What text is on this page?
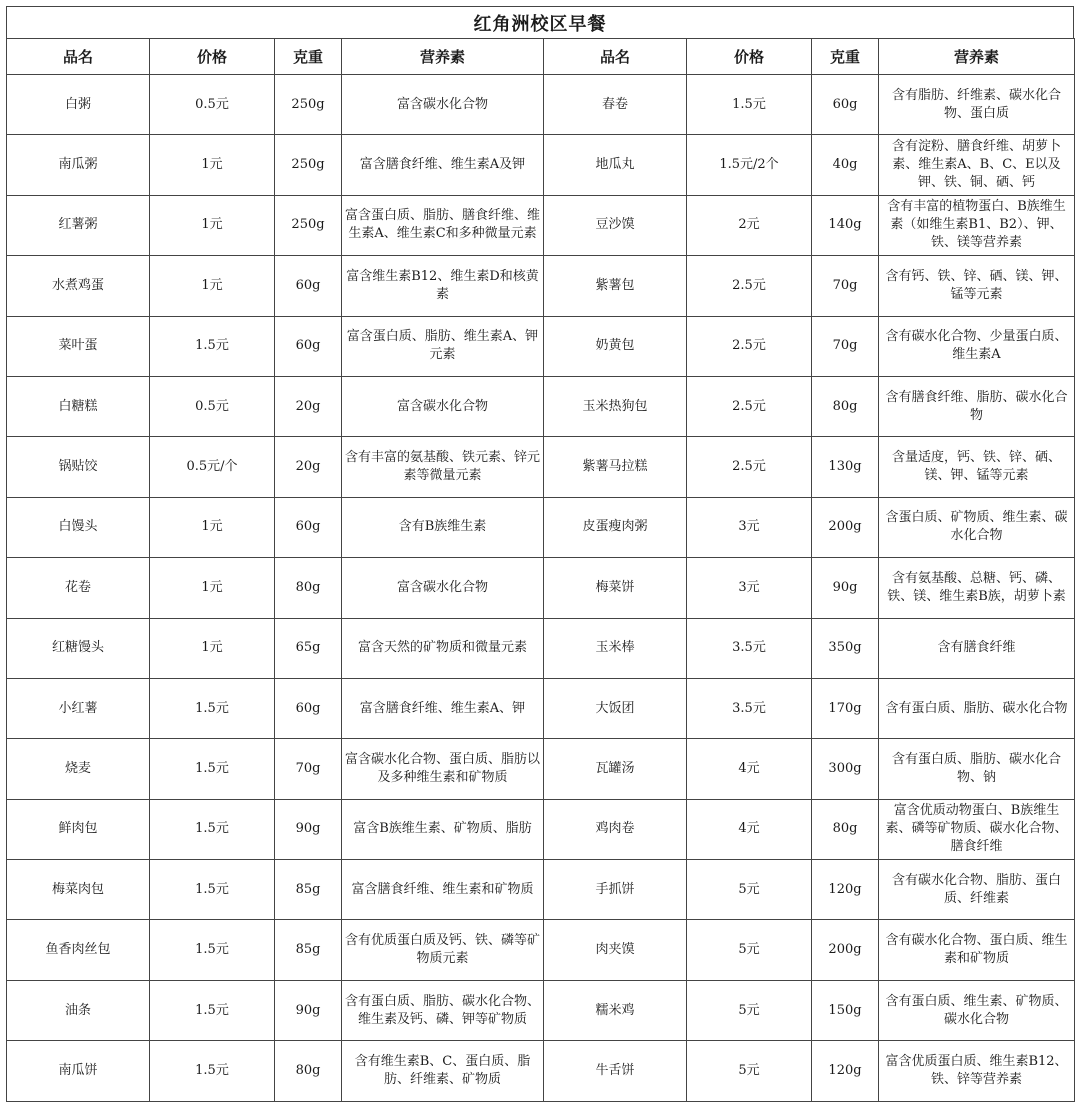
红角洲校区早餐
品名	价格	克重	营养素	品名	价格	克重	营养素
白粥	0.5元	250g	富含碳水化合物	春卷	1.5元	60g	含有脂肪、纤维素、碳水化合物、蛋白质
南瓜粥	1元	250g	富含膳食纤维、维生素A及钾	地瓜丸	1.5元/2个	40g	含有淀粉、膳食纤维、胡萝卜素、维生素A、B、C、E以及钾、铁、铜、硒、钙
红薯粥	1元	250g	富含蛋白质、脂肪、膳食纤维、维生素A、维生素C和多种微量元素	豆沙馍	2元	140g	含有丰富的植物蛋白、B族维生素（如维生素B1、B2）、钾、铁、镁等营养素
水煮鸡蛋	1元	60g	富含维生素B12、维生素D和核黄素	紫薯包	2.5元	70g	含有钙、铁、锌、硒、镁、钾、锰等元素
菜叶蛋	1.5元	60g	富含蛋白质、脂肪、维生素A、钾元素	奶黄包	2.5元	70g	含有碳水化合物、少量蛋白质、维生素A
白糖糕	0.5元	20g	富含碳水化合物	玉米热狗包	2.5元	80g	含有膳食纤维、脂肪、碳水化合物
锅贴饺	0.5元/个	20g	含有丰富的氨基酸、铁元素、锌元素等微量元素	紫薯马拉糕	2.5元	130g	含量适度，钙、铁、锌、硒、镁、钾、锰等元素
白馒头	1元	60g	含有B族维生素	皮蛋瘦肉粥	3元	200g	含蛋白质、矿物质、维生素、碳水化合物
花卷	1元	80g	富含碳水化合物	梅菜饼	3元	90g	含有氨基酸、总糖、钙、磷、铁、镁、维生素B族，胡萝卜素
红糖馒头	1元	65g	富含天然的矿物质和微量元素	玉米棒	3.5元	350g	含有膳食纤维
小红薯	1.5元	60g	富含膳食纤维、维生素A、钾	大饭团	3.5元	170g	含有蛋白质、脂肪、碳水化合物
烧麦	1.5元	70g	富含碳水化合物、蛋白质、脂肪以及多种维生素和矿物质	瓦罐汤	4元	300g	含有蛋白质、脂肪、碳水化合物、钠
鲜肉包	1.5元	90g	富含B族维生素、矿物质、脂肪	鸡肉卷	4元	80g	富含优质动物蛋白、B族维生素、磷等矿物质、碳水化合物、膳食纤维
梅菜肉包	1.5元	85g	富含膳食纤维、维生素和矿物质	手抓饼	5元	120g	含有碳水化合物、脂肪、蛋白质、纤维素
鱼香肉丝包	1.5元	85g	含有优质蛋白质及钙、铁、磷等矿物质元素	肉夹馍	5元	200g	含有碳水化合物、蛋白质、维生素和矿物质
油条	1.5元	90g	含有蛋白质、脂肪、碳水化合物、维生素及钙、磷、钾等矿物质	糯米鸡	5元	150g	含有蛋白质、维生素、矿物质、碳水化合物
南瓜饼	1.5元	80g	含有维生素B、C、蛋白质、脂肪、纤维素、矿物质	牛舌饼	5元	120g	富含优质蛋白质、维生素B12、铁、锌等营养素
